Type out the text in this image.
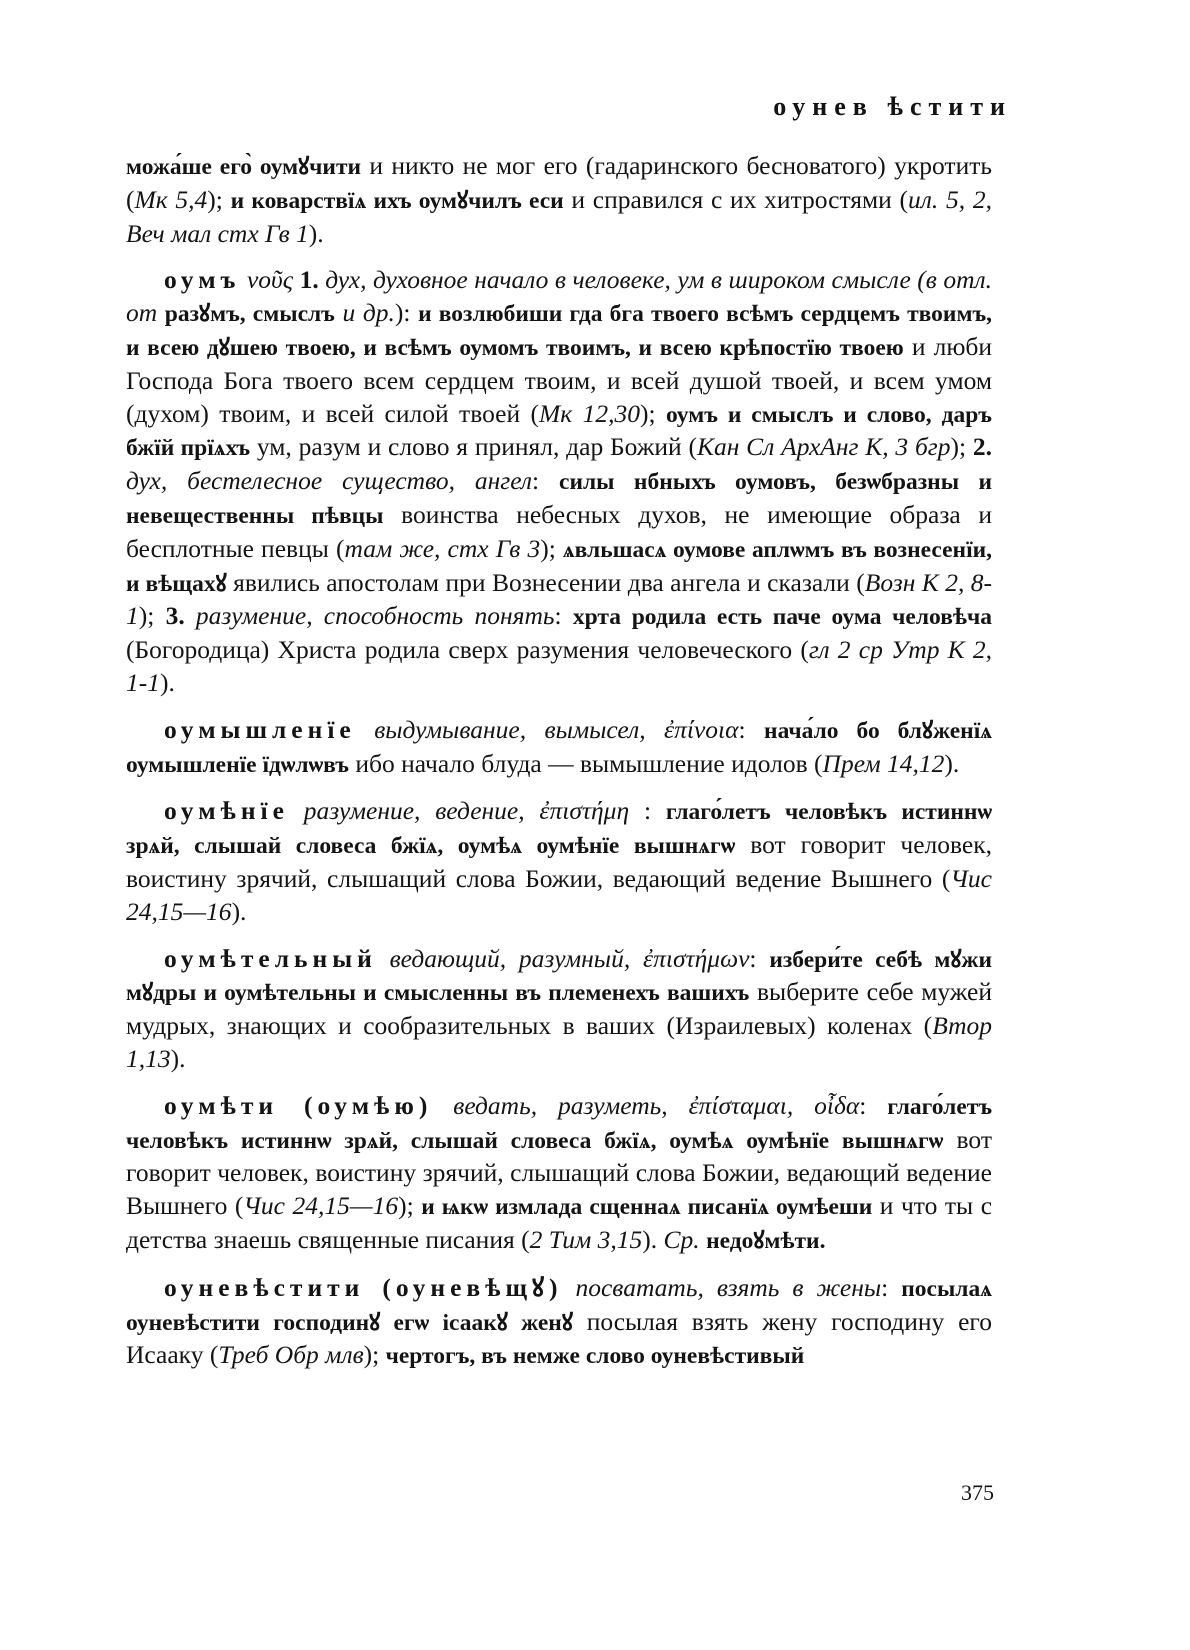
оунев ѣстити

можа́ше его̀ оумꙋчити и никто не мог его (гадаринского бесноватого) укротить (Мк 5,4); и коварствїѧ ихъ оумꙋчилъ еси и справился с их хитростями (ил. 5, 2, Веч мал стх Гв 1).

оумъ νοῦς 1. дух, духовное начало в человеке, ум в широком смысле (в отл. от разꙋмъ, смыслъ и др.): и возлюбиши гда бга твоего всѣмъ сердцемъ твоимъ, и всею дꙋшею твоею, и всѣмъ оумомъ твоимъ, и всею крѣпостїю твоею и люби Господа Бога твоего всем сердцем твоим, и всей душой твоей, и всем умом (духом) твоим, и всей силой твоей (Мк 12,30); оумъ и смыслъ и слово, даръ бжїй прїѧхъ ум, разум и слово я принял, дар Божий (Кан Сл АрхАнг К, 3 бгр); 2. дух, бестелесное существо, ангел: силы нбныхъ оумовъ, безѡбразны и невещественны пѣвцы воинства небесных духов, не имеющие образа и бесплотные певцы (там же, стх Гв 3); ѧвльшасѧ оумове аплѡмъ въ вознесенїи, и вѣщахꙋ явились апостолам при Вознесении два ангела и сказали (Возн К 2, 8-1); 3. разумение, способность понять: хрта родила есть паче оума человѣча (Богородица) Христа родила сверх разумения человеческого (гл 2 ср Утр К 2, 1-1).

оумышленїе выдумывание, вымысел, ἐπίνοια: нача́ло бо блꙋженїѧ оумышленїе їдѡлѡвъ ибо начало блуда — вымышление идолов (Прем 14,12).

оумѣнїе разумение, ведение, ἐπιστήμη : глаго́летъ человѣкъ истиннѡ зрѧй, слышай словеса бжїѧ, оумѣѧ оумѣнїе вышнѧгѡ вот говорит человек, воистину зрячий, слышащий слова Божии, ведающий ведение Вышнего (Чис 24,15—16).

оумѣтельный ведающий, разумный, ἐπιστήμων: избери́те себѣ мꙋжи мꙋдры и оумѣтельны и смысленны въ племенехъ вашихъ выберите себе мужей мудрых, знающих и сообразительных в ваших (Израилевых) коленах (Втор 1,13).

оумѣти (оумѣю) ведать, разуметь, ἐπίσταμαι, οἶδα: глаго́летъ человѣкъ истиннѡ зрѧй, слышай словеса бжїѧ, оумѣѧ оумѣнїе вышнѧгѡ вот говорит человек, воистину зрячий, слышащий слова Божии, ведающий ведение Вышнего (Чис 24,15—16); и ѩкѡ измлада сщеннаѧ писанїѧ оумѣеши и что ты с детства знаешь священные писания (2 Тим 3,15). Ср. недоꙋмѣти.

оуневѣстити (оуневѣщꙋ) посватать, взять в жены: посылаѧ оуневѣстити господинꙋ егѡ ісаакꙋ женꙋ посылая взять жену господину его Исааку (Треб Обр млв); чертогъ, въ немже слово оуневѣстивый

375
